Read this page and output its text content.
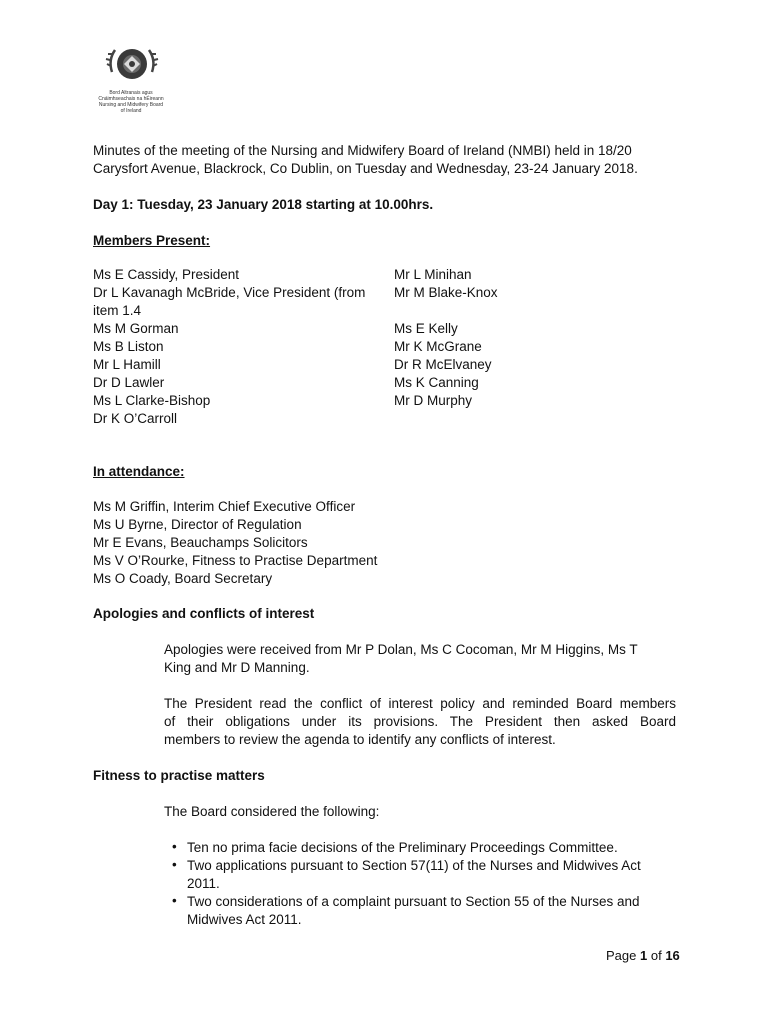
Bord Altranais agus
Cnáimhseachais na hÉireann
Nursing and Midwifery Board
of Ireland
Minutes of the meeting of the Nursing and Midwifery Board of Ireland (NMBI) held in 18/20
Carysfort Avenue, Blackrock, Co Dublin, on Tuesday and Wednesday, 23-24 January 2018.
Day 1: Tuesday, 23 January 2018 starting at 10.00hrs.
Members Present:
Ms E Cassidy, President
Dr L Kavanagh McBride, Vice President (from
item 1.4
Ms M Gorman
Ms B Liston
Mr L Hamill
Dr D Lawler
Ms L Clarke-Bishop
Dr K O’Carroll
Mr L Minihan
Mr M Blake-Knox
Ms E Kelly
Mr K McGrane
Dr R McElvaney
Ms K Canning
Mr D Murphy
In attendance:
Ms M Griffin, Interim Chief Executive Officer
Ms U Byrne, Director of Regulation
Mr E Evans, Beauchamps Solicitors
Ms V O’Rourke, Fitness to Practise Department
Ms O Coady, Board Secretary
Apologies and conflicts of interest
Apologies were received from Mr P Dolan, Ms C Cocoman, Mr M Higgins, Ms T
King and Mr D Manning.
The President read the conflict of interest policy and reminded Board members
of their obligations under its provisions. The President then asked Board
members to review the agenda to identify any conflicts of interest.
Fitness to practise matters
The Board considered the following:
• Ten no prima facie decisions of the Preliminary Proceedings Committee.
• Two applications pursuant to Section 57(11) of the Nurses and Midwives Act
2011.
• Two considerations of a complaint pursuant to Section 55 of the Nurses and
Midwives Act 2011.
Page 1 of 16
